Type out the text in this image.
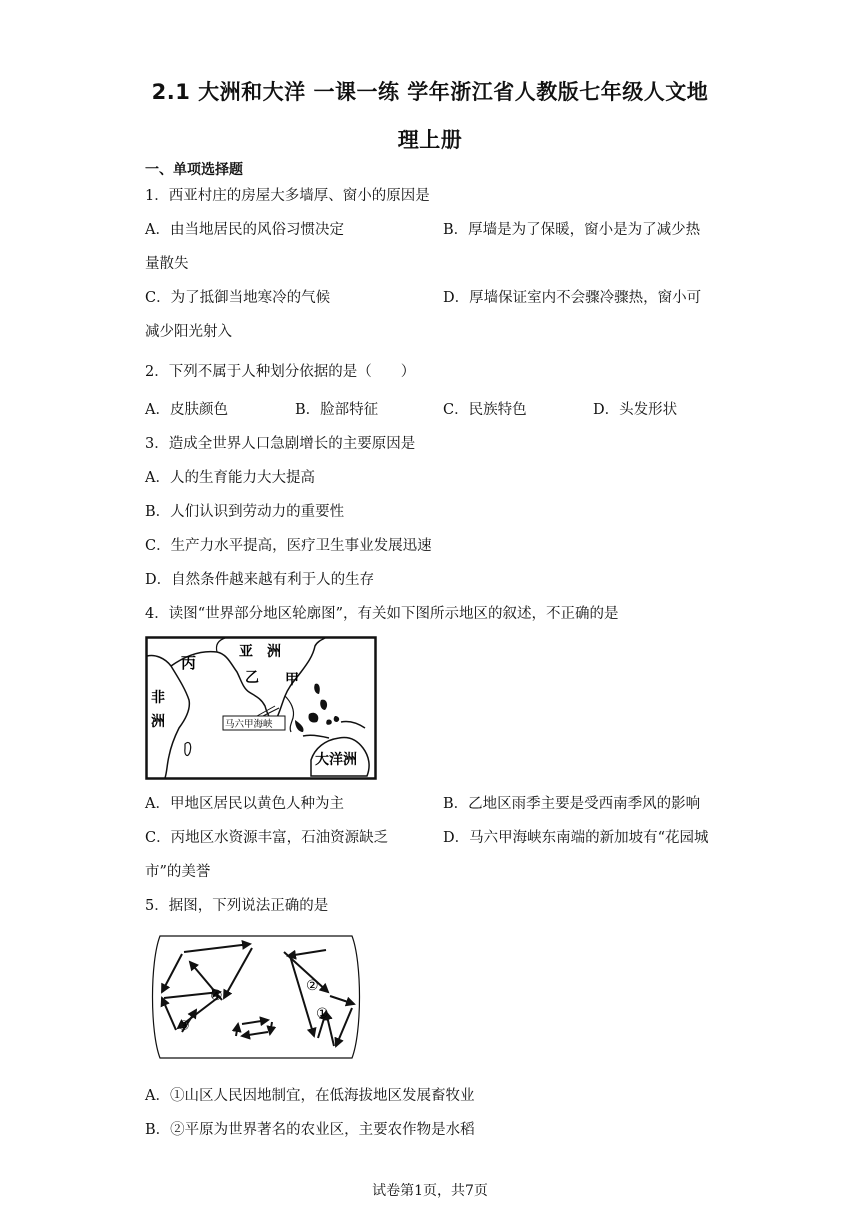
2.1 大洲和大洋 一课一练 学年浙江省人教版七年级人文地
理上册
一、单项选择题
1．西亚村庄的房屋大多墙厚、窗小的原因是
A．由当地居民的风俗习惯决定	B．厚墙是为了保暖，窗小是为了减少热
量散失
C．为了抵御当地寒冷的气候	D．厚墙保证室内不会骤冷骤热，窗小可
减少阳光射入
2．下列不属于人种划分依据的是（　　）
A．皮肤颜色	B．脸部特征	C．民族特色	D．头发形状
3．造成全世界人口急剧增长的主要原因是
A．人的生育能力大大提高
B．人们认识到劳动力的重要性
C．生产力水平提高，医疗卫生事业发展迅速
D．自然条件越来越有利于人的生存
4．读图“世界部分地区轮廓图”，有关如下图所示地区的叙述，不正确的是
丙
亚　洲
乙 甲
非
洲	马六甲海峡
大洋洲
A．甲地区居民以黄色人种为主	B．乙地区雨季主要是受西南季风的影响
C．丙地区水资源丰富，石油资源缺乏	D．马六甲海峡东南端的新加坡有“花园城
市”的美誉
5．据图，下列说法正确的是
④
③
②
①
A．①山区人民因地制宜，在低海拔地区发展畜牧业
B．②平原为世界著名的农业区，主要农作物是水稻
试卷第1页，共7页
